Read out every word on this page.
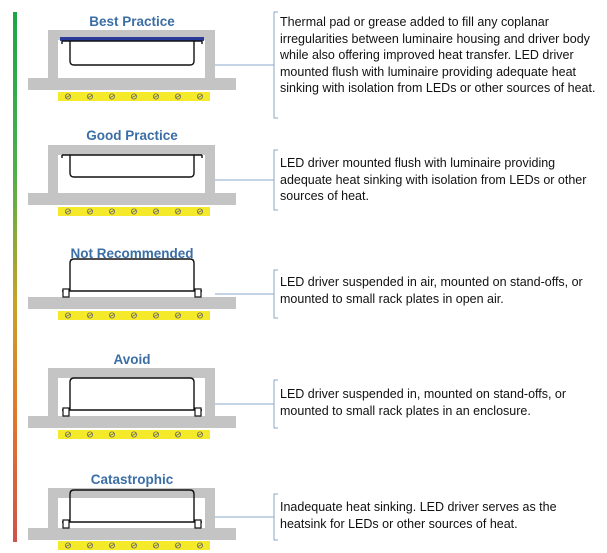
Best Practice	Thermal pad or grease added to fill any coplanar irregularities between luminaire housing and driver body while also offering improved heat transfer. LED driver mounted flush with luminaire providing adequate heat sinking with isolation from LEDs or other sources of heat.
Good Practice
LED driver mounted flush with luminaire providing adequate heat sinking with isolation from LEDs or other sources of heat.
Not Recommended
LED driver suspended in air, mounted on stand-offs, or mounted to small rack plates in open air.
Avoid
LED driver suspended in, mounted on stand-offs, or mounted to small rack plates in an enclosure.
Catastrophic
Inadequate heat sinking. LED driver serves as the heatsink for LEDs or other sources of heat.
